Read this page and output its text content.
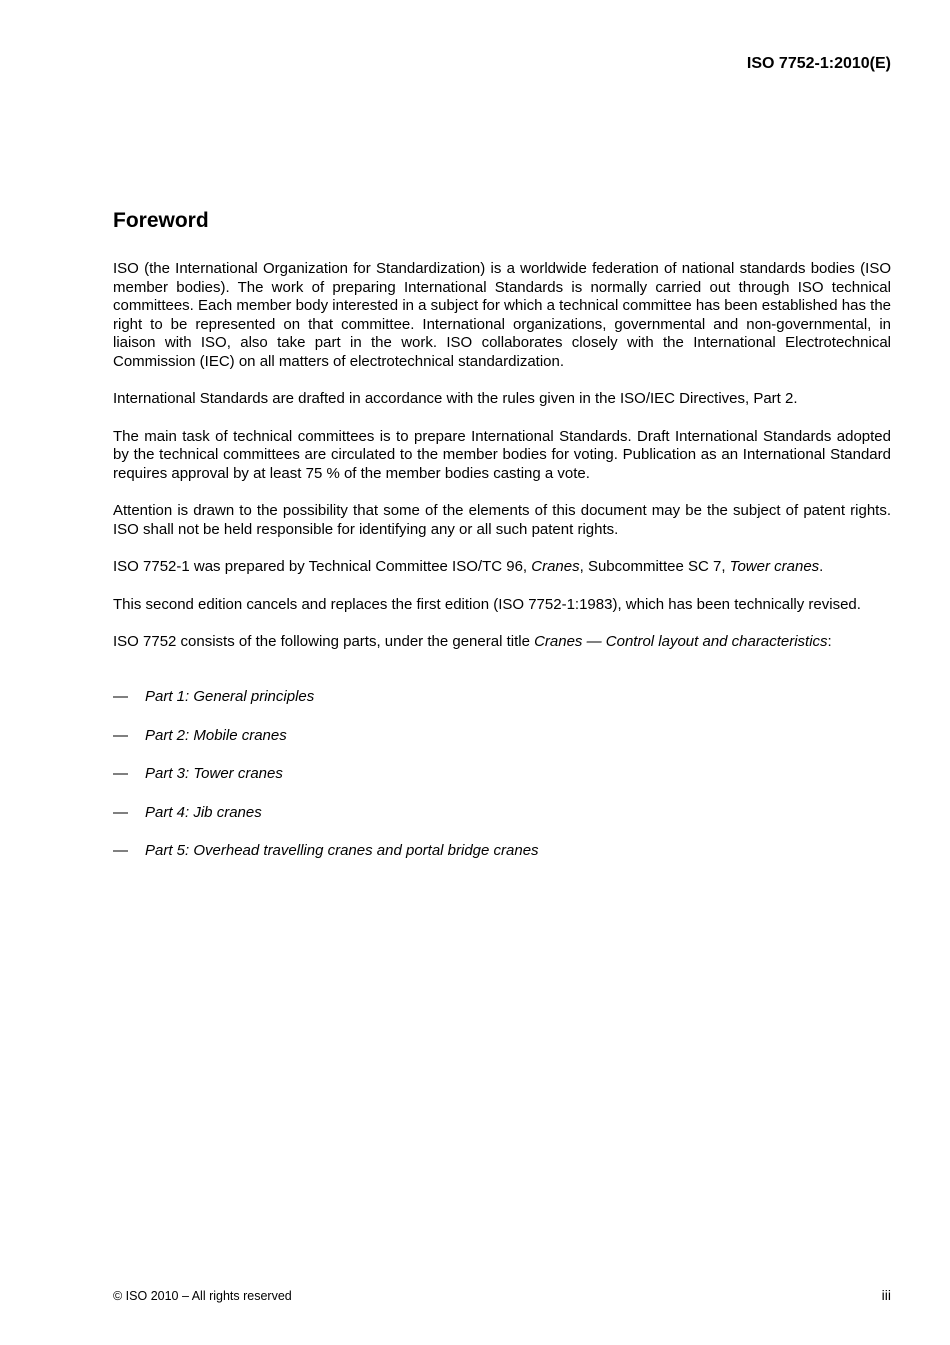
ISO 7752-1:2010(E)
Foreword

ISO (the International Organization for Standardization) is a worldwide federation of national standards bodies (ISO member bodies). The work of preparing International Standards is normally carried out through ISO technical committees. Each member body interested in a subject for which a technical committee has been established has the right to be represented on that committee. International organizations, governmental and non-governmental, in liaison with ISO, also take part in the work. ISO collaborates closely with the International Electrotechnical Commission (IEC) on all matters of electrotechnical standardization.

International Standards are drafted in accordance with the rules given in the ISO/IEC Directives, Part 2.

The main task of technical committees is to prepare International Standards. Draft International Standards adopted by the technical committees are circulated to the member bodies for voting. Publication as an International Standard requires approval by at least 75 % of the member bodies casting a vote.

Attention is drawn to the possibility that some of the elements of this document may be the subject of patent rights. ISO shall not be held responsible for identifying any or all such patent rights.

ISO 7752-1 was prepared by Technical Committee ISO/TC 96, Cranes, Subcommittee SC 7, Tower cranes.

This second edition cancels and replaces the first edition (ISO 7752-1:1983), which has been technically revised.

ISO 7752 consists of the following parts, under the general title Cranes — Control layout and characteristics:

— Part 1: General principles
— Part 2: Mobile cranes
— Part 3: Tower cranes
— Part 4: Jib cranes
— Part 5: Overhead travelling cranes and portal bridge cranes
© ISO 2010 – All rights reserved	iii
